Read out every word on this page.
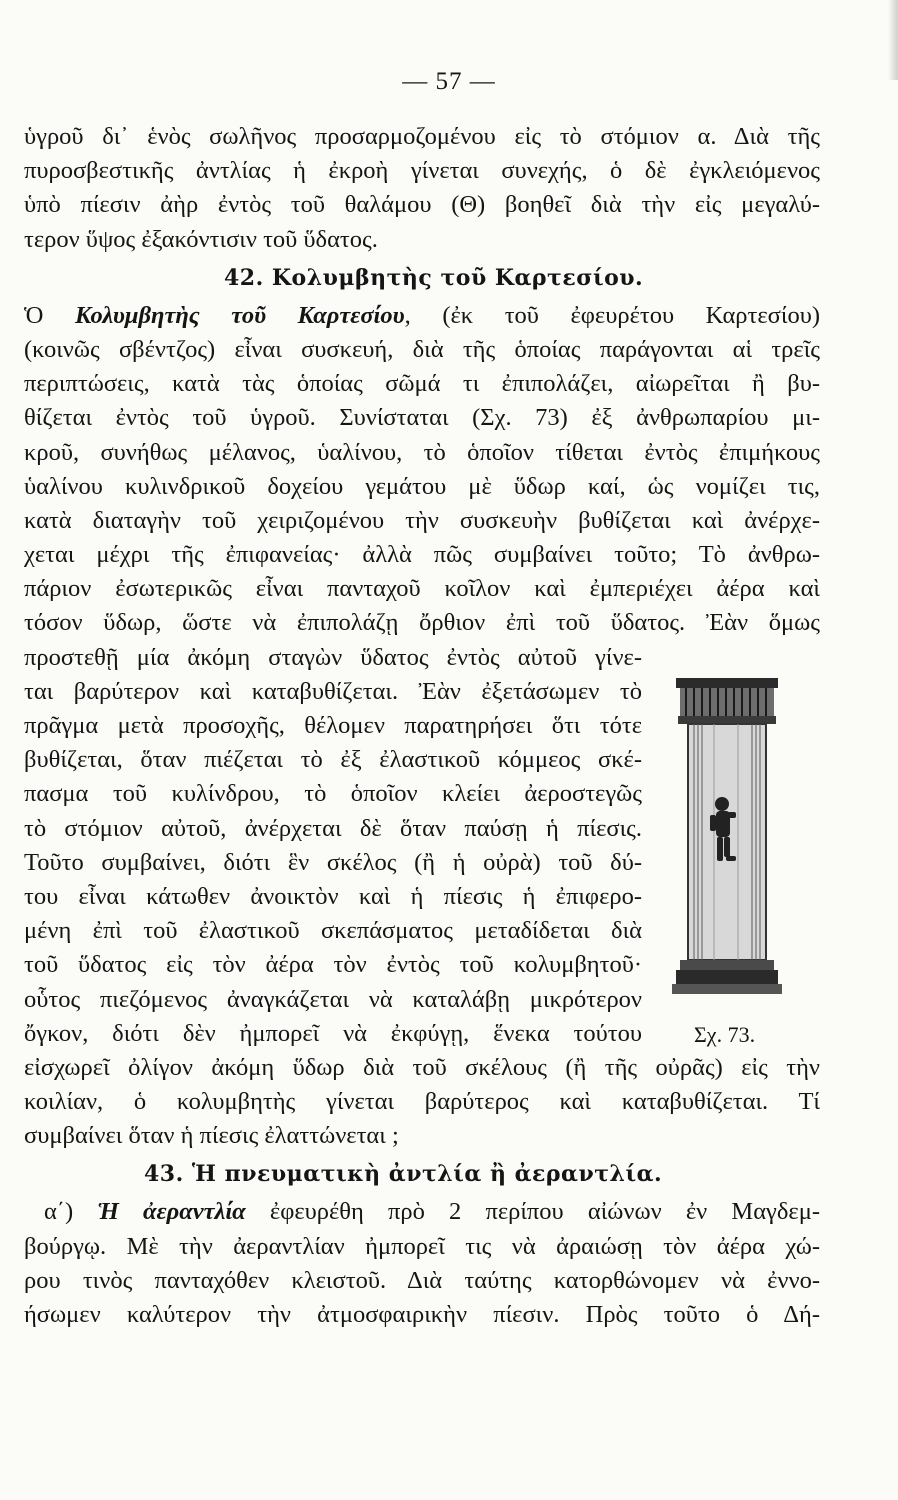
— 57 —
ὑγροῦ δι᾽ ἑνὸς σωλῆνος προσαρμοζομένου εἰς τὸ στόμιον α. Διὰ τῆς
πυροσβεστικῆς ἀντλίας ἡ ἐκροὴ γίνεται συνεχής, ὁ δὲ ἐγκλειόμενος
ὑπὸ πίεσιν ἀὴρ ἐντὸς τοῦ θαλάμου (Θ) βοηθεῖ διὰ τὴν εἰς μεγαλύ-
τερον ὕψος ἐξακόντισιν τοῦ ὕδατος.
42. Κολυμβητὴς τοῦ Καρτεσίου.
Ὁ Κολυμβητὴς τοῦ Καρτεσίου, (ἐκ τοῦ ἐφευρέτου Καρτεσίου)
(κοινῶς σβέντζος) εἶναι συσκευή, διὰ τῆς ὁποίας παράγονται αἱ τρεῖς
περιπτώσεις, κατὰ τὰς ὁποίας σῶμά τι ἐπιπολάζει, αἰωρεῖται ἢ βυ-
θίζεται ἐντὸς τοῦ ὑγροῦ. Συνίσταται (Σχ. 73) ἐξ ἀνθρωπαρίου μι-
κροῦ, συνήθως μέλανος, ὑαλίνου, τὸ ὁποῖον τίθεται ἐντὸς ἐπιμήκους
ὑαλίνου κυλινδρικοῦ δοχείου γεμάτου μὲ ὕδωρ καί, ὡς νομίζει τις,
κατὰ διαταγὴν τοῦ χειριζομένου τὴν συσκευὴν βυθίζεται καὶ ἀνέρχε-
χεται μέχρι τῆς ἐπιφανείας· ἀλλὰ πῶς συμβαίνει τοῦτο; Τὸ ἀνθρω-
πάριον ἐσωτερικῶς εἶναι πανταχοῦ κοῖλον καὶ ἐμπεριέχει ἀέρα καὶ
τόσον ὕδωρ, ὥστε νὰ ἐπιπολάζῃ ὄρθιον ἐπὶ τοῦ ὕδατος. Ἐὰν ὅμως
προστεθῇ μία ἀκόμη σταγὼν ὕδατος ἐντὸς αὐτοῦ γίνε-
ται βαρύτερον καὶ καταβυθίζεται. Ἐὰν ἐξετάσωμεν τὸ
πρᾶγμα μετὰ προσοχῆς, θέλομεν παρατηρήσει ὅτι τότε
βυθίζεται, ὅταν πιέζεται τὸ ἐξ ἐλαστικοῦ κόμμεος σκέ-
πασμα τοῦ κυλίνδρου, τὸ ὁποῖον κλείει ἀεροστεγῶς
τὸ στόμιον αὐτοῦ, ἀνέρχεται δὲ ὅταν παύσῃ ἡ πίεσις.
Τοῦτο συμβαίνει, διότι ἓν σκέλος (ἢ ἡ οὐρὰ) τοῦ δύ-
του εἶναι κάτωθεν ἀνοικτὸν καὶ ἡ πίεσις ἡ ἐπιφερο-
μένη ἐπὶ τοῦ ἐλαστικοῦ σκεπάσματος μεταδίδεται διὰ
τοῦ ὕδατος εἰς τὸν ἀέρα τὸν ἐντὸς τοῦ κολυμβητοῦ·
οὗτος πιεζόμενος ἀναγκάζεται νὰ καταλάβῃ μικρότερον
ὄγκον, διότι δὲν ἠμπορεῖ νὰ ἐκφύγῃ, ἕνεκα τούτου
εἰσχωρεῖ ὀλίγον ἀκόμη ὕδωρ διὰ τοῦ σκέλους (ἢ τῆς οὐρᾶς) εἰς τὴν
κοιλίαν, ὁ κολυμβητὴς γίνεται βαρύτερος καὶ καταβυθίζεται. Τί
συμβαίνει ὅταν ἡ πίεσις ἐλαττώνεται ;
43. Ἡ πνευματικὴ ἀντλία ἢ ἀεραντλία.
α΄) Ἡ ἀεραντλία ἐφευρέθη πρὸ 2 περίπου αἰώνων ἐν Μαγδεμ-
βούργῳ. Μὲ τὴν ἀεραντλίαν ἠμπορεῖ τις νὰ ἀραιώσῃ τὸν ἀέρα χώ-
ρου τινὸς πανταχόθεν κλειστοῦ. Διὰ ταύτης κατορθώνομεν νὰ ἐννο-
ήσωμεν καλύτερον τὴν ἀτμοσφαιρικὴν πίεσιν. Πρὸς τοῦτο ὁ Δή-
Σχ. 73.
